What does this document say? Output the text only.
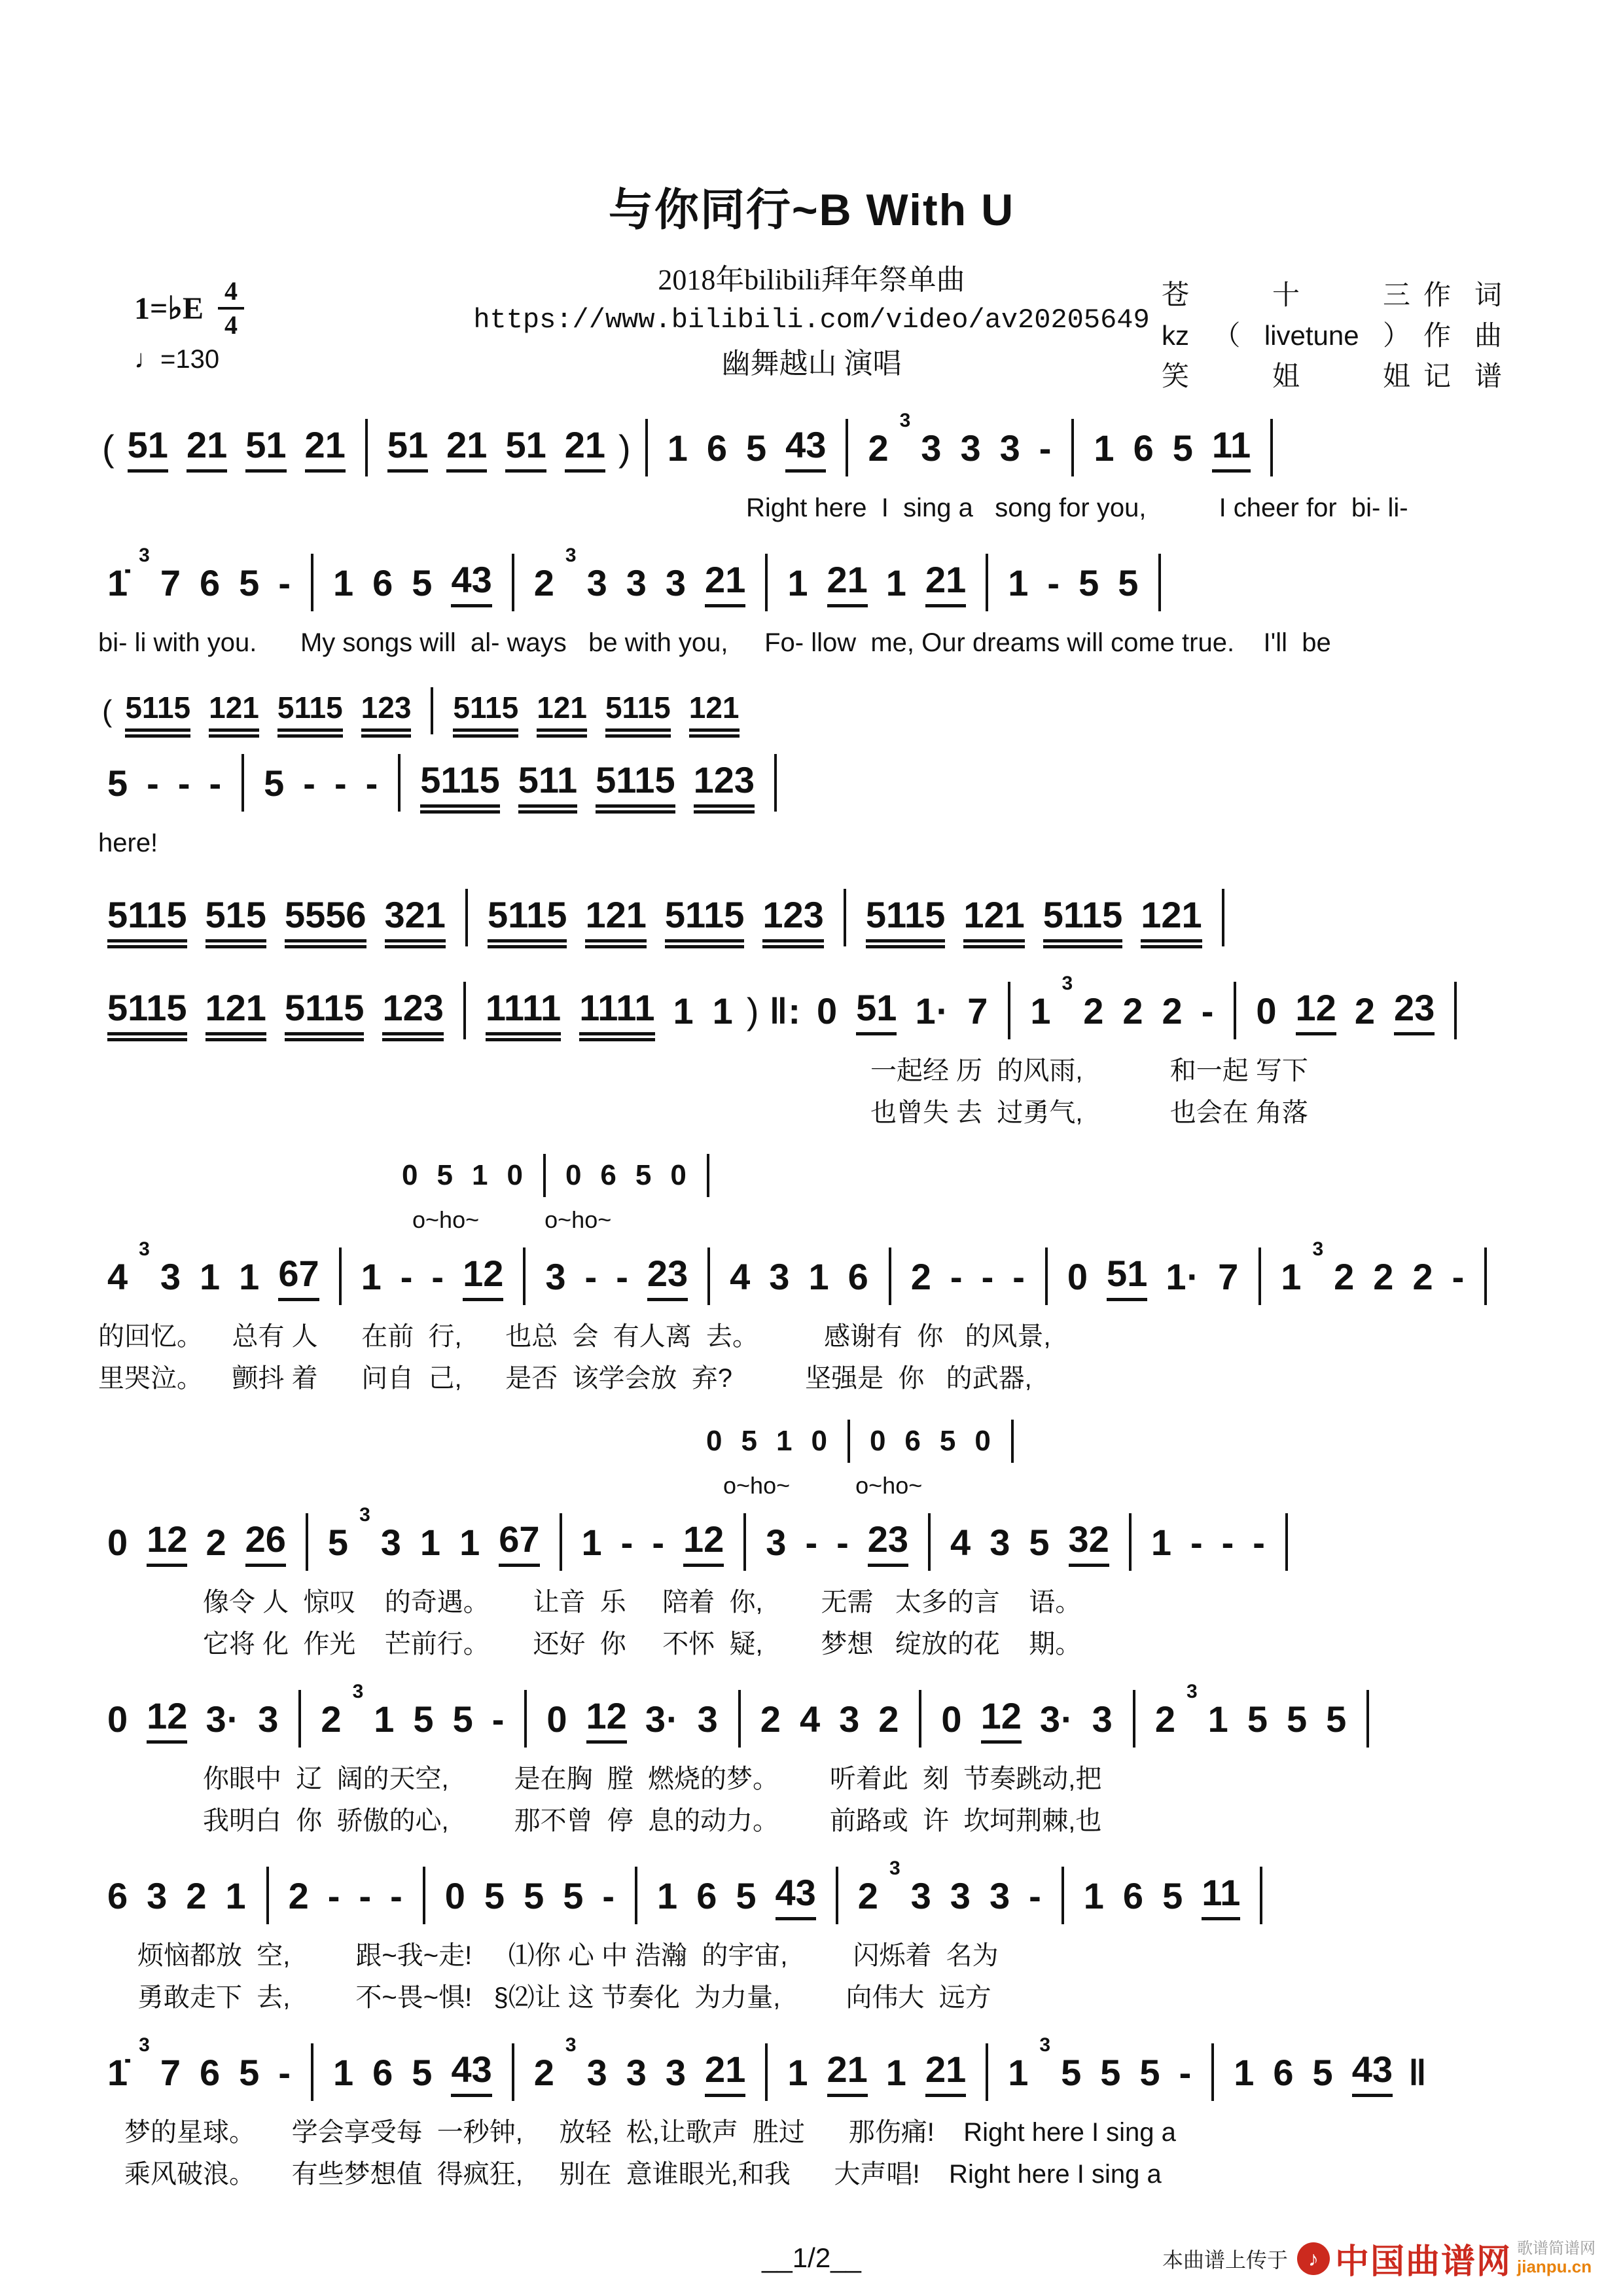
1=♭E $\frac{4}{4}$
♩=130
苍十三 作词
kz（livetune） 作曲
笑姐姐 记谱
与你同行~B With U
2018年bilibili拜年祭单曲
https://www.bilibili.com/video/av20205649
幽舞越山 演唱
( 51 21 51 21 51 21 51 21 ) 1 6 5 43 2
3
3 3 3 - 1 6 5 11
Right here  I  sing a   song for you,          I cheer for  bi- li-
1̇
3
7 6 5 - 1 6 5 43 2
3
3 3 3 21 1 21 1 21 1 - 5 5
bi- li with you.      My songs will  al- ways   be with you,     Fo- llow  me, Our dreams will come true.    I'll  be
( 5115 121 5115 123 5115 121 5115 121
5 - - - 5 - - - 5115 511 5115 123
here!
5115 515 5556 321 5115 121 5115 123 5115 121 5115 121
5115 121 5115 123 1111 1111 1 1 ) ‖: 0 51 1· 7 1
3
2 2 2 - 0 12 2 23
一起经 历  的风雨,            和一起 写下
也曾失 去  过勇气,            也会在 角落
0 5 1 0 0 6 5 0
o~ho~          o~ho~
4
3
3 1 1 67 1 - - 12 3 - - 23 4 3 1 6 2 - - - 0 51 1· 7 1
3
2 2 2 -
的回忆。    总有 人      在前  行,      也总  会  有人离  去。         感谢有  你   的风景,
里哭泣。    颤抖 着      问自  己,      是否  该学会放  弃?          坚强是  你   的武器,
0 5 1 0 0 6 5 0
o~ho~          o~ho~
0 12 2 26 5
3
3 1 1 67 1 - - 12 3 - - 23 4 3 5 32 1 - - -
像令 人  惊叹    的奇遇。      让音  乐     陪着  你,        无需   太多的言    语。
它将 化  作光    芒前行。      还好  你     不怀  疑,        梦想   绽放的花    期。
0 12 3· 3 2
3
1 5 5 - 0 12 3· 3 2 4 3 2 0 12 3· 3 2
3
1 5 5 5
你眼中  辽  阔的天空,         是在胸  膛  燃烧的梦。       听着此  刻  节奏跳动,把
我明白  你  骄傲的心,         那不曾  停  息的动力。       前路或  许  坎坷荆棘,也
6 3 2 1 2 - - - 0 5 5 5 - 1 6 5 43 2
3
3 3 3 - 1 6 5 11
烦恼都放  空,         跟~我~走!     ⑴你 心 中 浩瀚  的宇宙,         闪烁着  名为
勇敢走下  去,         不~畏~惧!   §⑵让 这 节奏化  为力量,         向伟大  远方
1̇
3
7 6 5 - 1 6 5 43 2
3
3 3 3 21 1 21 1 21 1
3
5 5 5 - 1 6 5 43 ‖
梦的星球。     学会享受每  一秒钟,     放轻  松,让歌声  胜过      那伤痛!    Right here I sing a
乘风破浪。     有些梦想值  得疯狂,     别在  意谁眼光,和我      大声唱!    Right here I sing a
__1/2__	本曲谱上传于 ♪ 中国曲谱网 歌谱简谱网
jianpu.cn
